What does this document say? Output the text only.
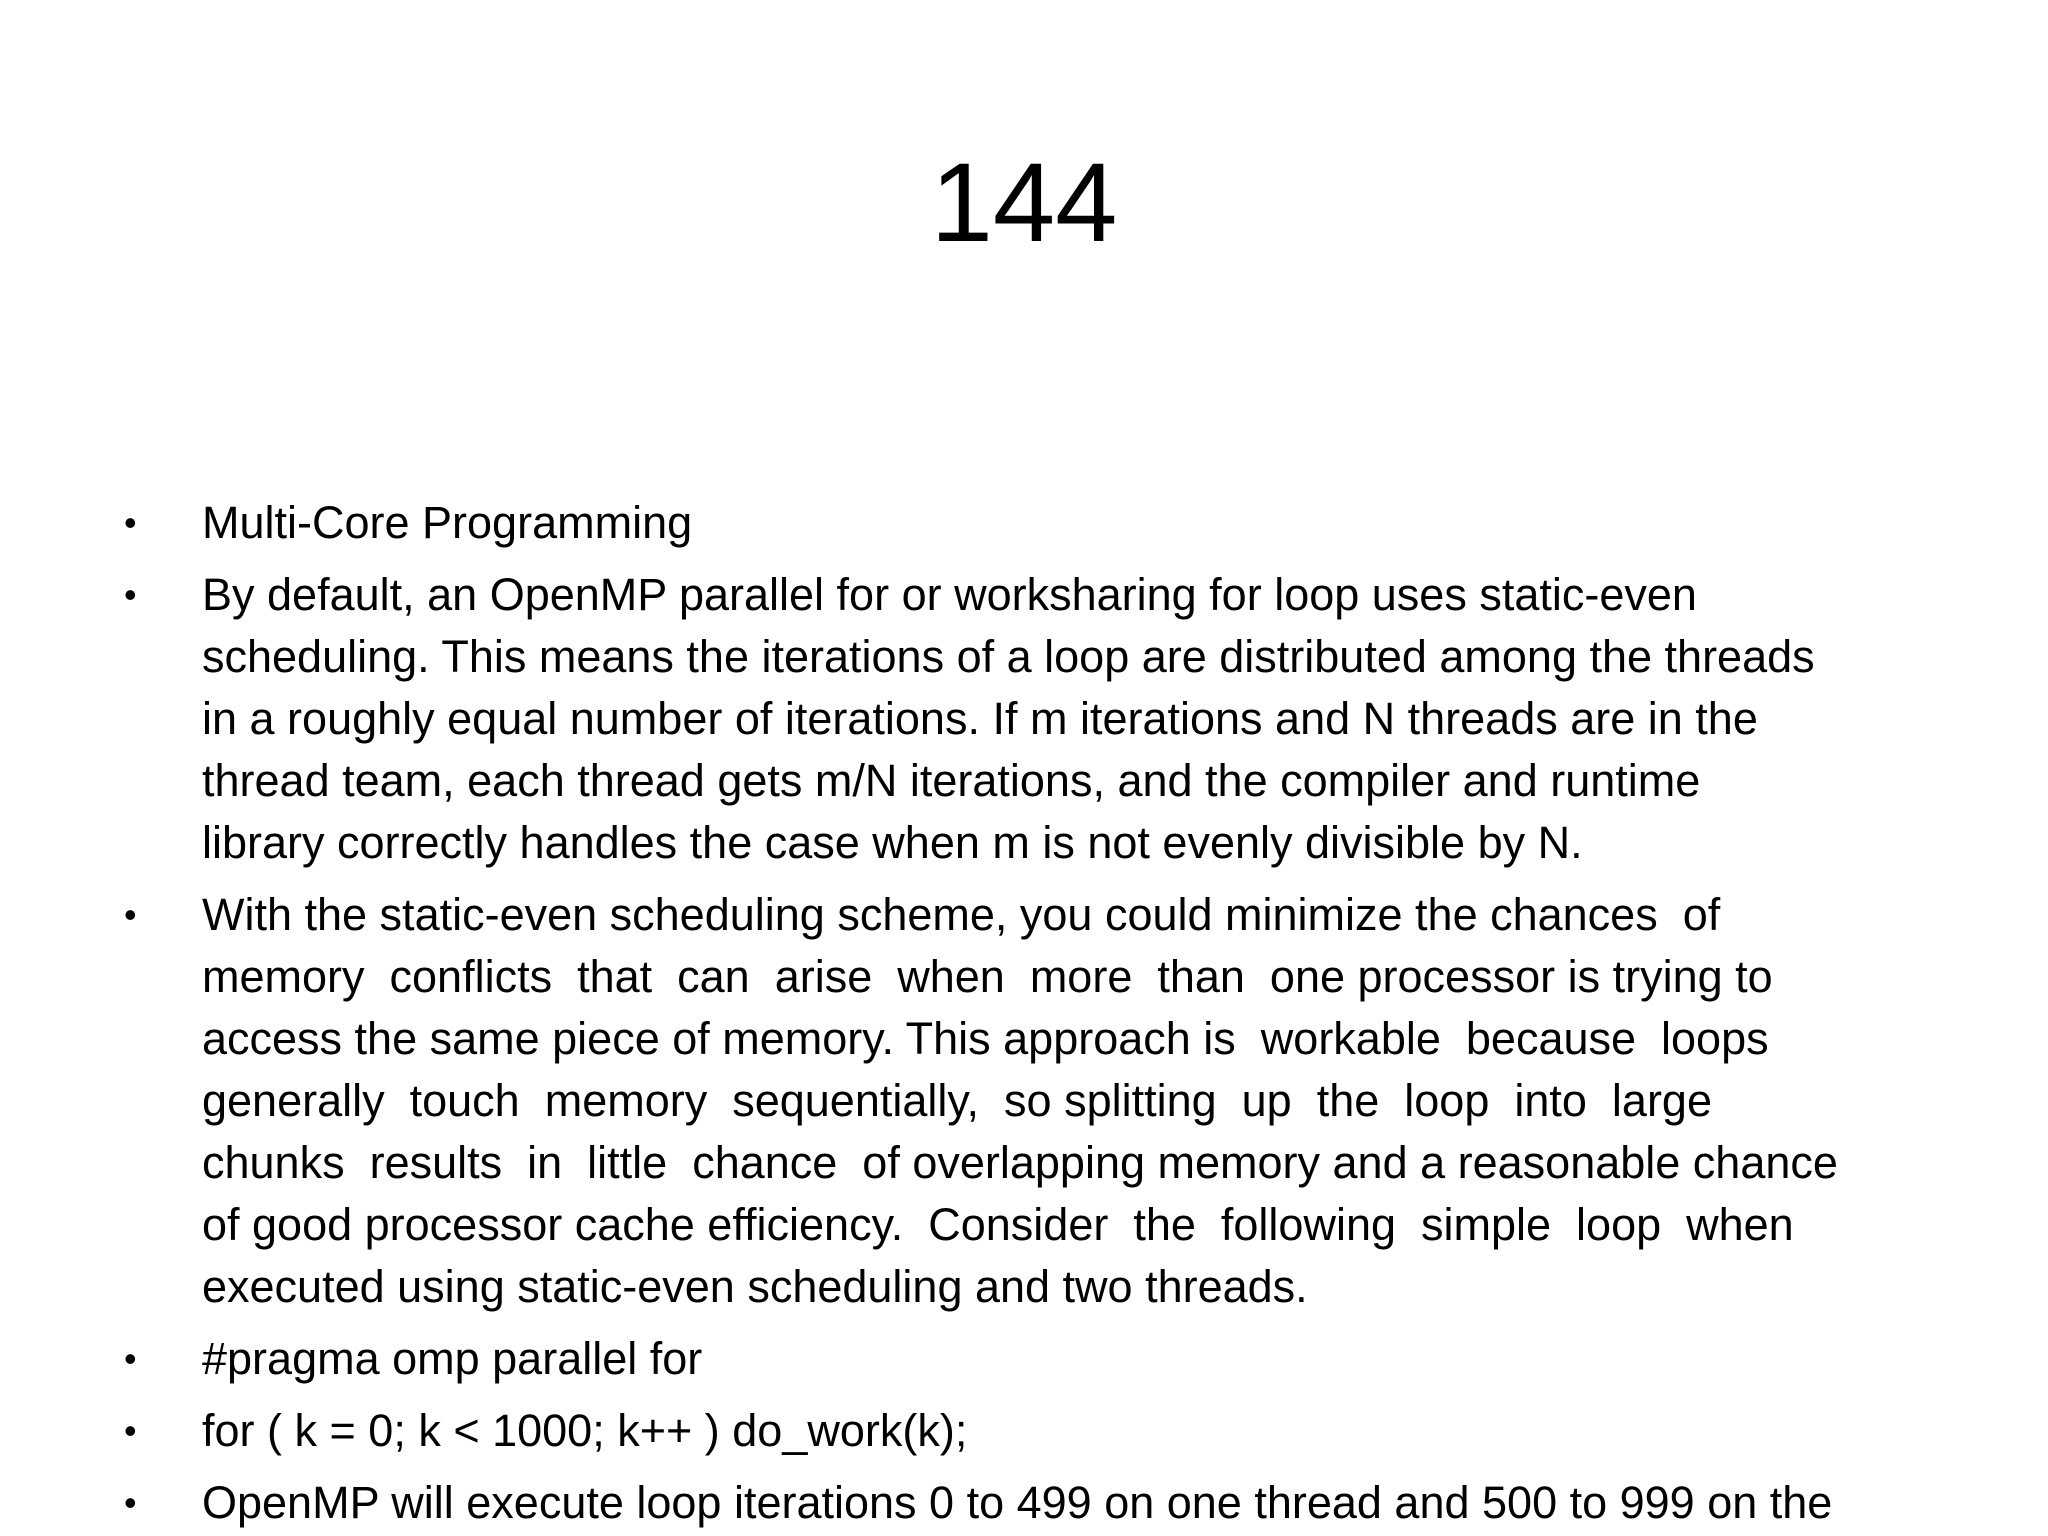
144
•	Multi-Core Programming
•	By default, an OpenMP parallel for or worksharing for loop uses static-even
scheduling. This means the iterations of a loop are distributed among the threads
in a roughly equal number of iterations. If m iterations and N threads are in the
thread team, each thread gets m/N iterations, and the compiler and runtime
library correctly handles the case when m is not evenly divisible by N.
•	With the static-even scheduling scheme, you could minimize the chances  of
memory  conflicts  that  can  arise  when  more  than  one processor is trying to
access the same piece of memory. This approach is  workable  because  loops
generally  touch  memory  sequentially,  so splitting  up  the  loop  into  large
chunks  results  in  little  chance  of overlapping memory and a reasonable chance
of good processor cache efficiency.  Consider  the  following  simple  loop  when
executed using static-even scheduling and two threads.
•	#pragma omp parallel for
•	for ( k = 0; k < 1000; k++ ) do_work(k);
•	OpenMP will execute loop iterations 0 to 499 on one thread and 500 to 999 on the
